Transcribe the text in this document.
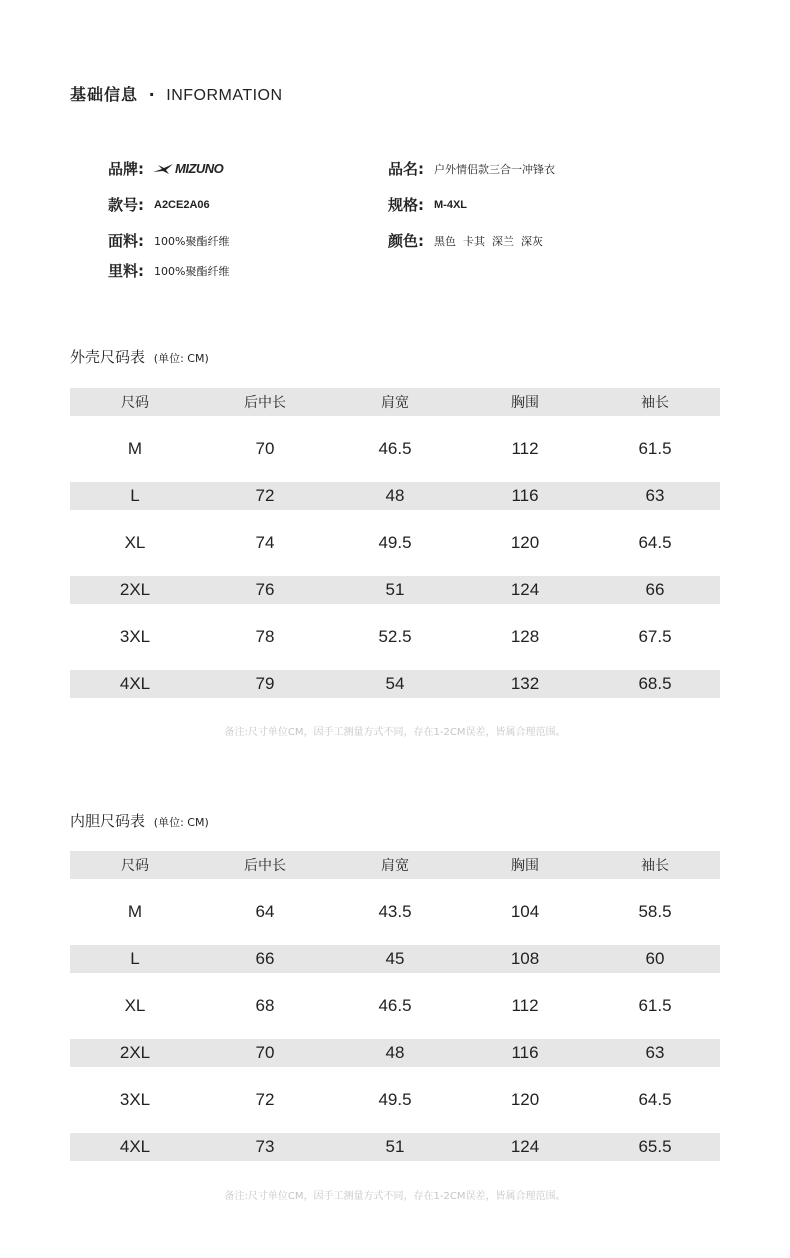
基础信息 · INFORMATION
品牌: MIZUNO	品名: 户外情侣款三合一冲锋衣
款号: A2CE2A06	规格: M-4XL
面料: 100%聚酯纤维	颜色: 黑色  卡其  深兰  深灰
里料: 100%聚酯纤维
外壳尺码表 (单位: CM)
尺码	后中长	肩宽	胸围	袖长
M	70	46.5	112	61.5
L	72	48	116	63
XL	74	49.5	120	64.5
2XL	76	51	124	66
3XL	78	52.5	128	67.5
4XL	79	54	132	68.5
备注:尺寸单位CM，因手工测量方式不同，存在1-2CM误差，皆属合理范围。
内胆尺码表 (单位: CM)
尺码	后中长	肩宽	胸围	袖长
M	64	43.5	104	58.5
L	66	45	108	60
XL	68	46.5	112	61.5
2XL	70	48	116	63
3XL	72	49.5	120	64.5
4XL	73	51	124	65.5
备注:尺寸单位CM，因手工测量方式不同，存在1-2CM误差，皆属合理范围。
